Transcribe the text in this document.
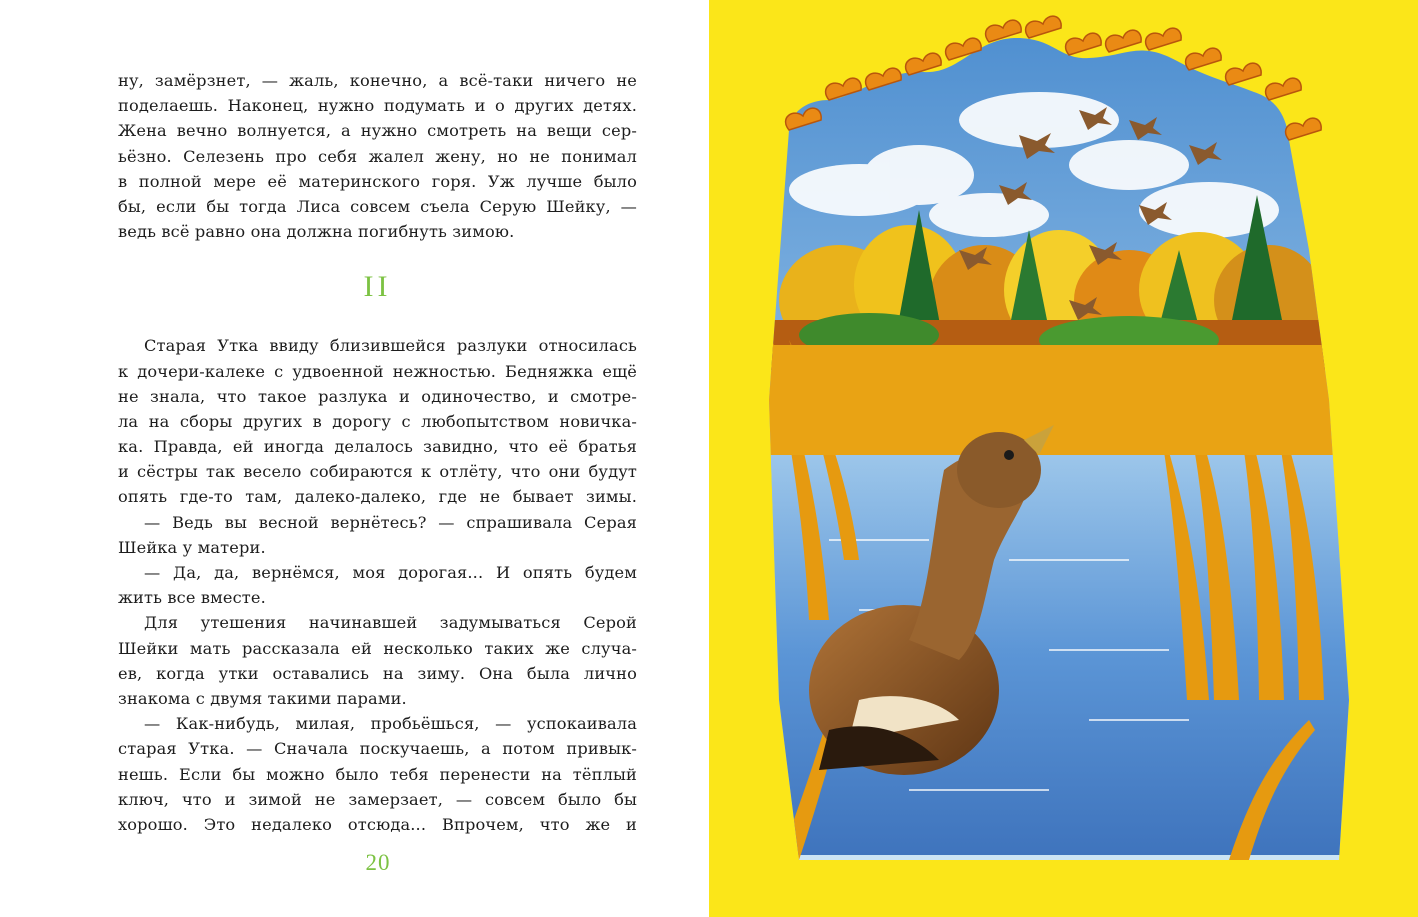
ну, замёрзнет, — жаль, конечно, а всё-таки ничего не
поделаешь. Наконец, нужно подумать и о других детях.
Жена вечно волнуется, а нужно смотреть на вещи сер-
ьёзно. Селезень про себя жалел жену, но не понимал
в полной мере её материнского горя. Уж лучше было
бы, если бы тогда Лиса совсем съела Серую Шейку, —
ведь всё равно она должна погибнуть зимою.
II
Старая Утка ввиду близившейся разлуки относилась
к дочери-калеке с удвоенной нежностью. Бедняжка ещё
не знала, что такое разлука и одиночество, и смотре-
ла на сборы других в дорогу с любопытством новичка-
ка. Правда, ей иногда делалось завидно, что её братья
и сёстры так весело собираются к отлёту, что они будут
опять где-то там, далеко-далеко, где не бывает зимы.
— Ведь вы весной вернётесь? — спрашивала Серая
Шейка у матери.
— Да, да, вернёмся, моя дорогая... И опять будем
жить все вместе.
Для утешения начинавшей задумываться Серой
Шейки мать рассказала ей несколько таких же случа-
ев, когда утки оставались на зиму. Она была лично
знакома с двумя такими парами.
— Как-нибудь, милая, пробьёшься, — успокаивала
старая Утка. — Сначала поскучаешь, а потом привык-
нешь. Если бы можно было тебя перенести на тёплый
ключ, что и зимой не замерзает, — совсем было бы
хорошо. Это недалеко отсюда... Впрочем, что же и
20
